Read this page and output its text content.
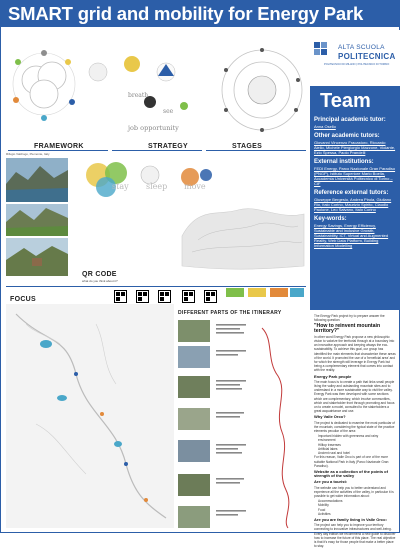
SMART grid and mobility for Energy Park
breath
see
job opportunity
FRAMEWORK	STRATEGY	STAGES
Rifugio Valdrogo, Piemonte, Italy
stay sleep move
QR CODE
what do you think about it?
FOCUS
DIFFERENT PARTS OF THE ITINERARY
ALTA SCUOLA
POLITECNICA
POLITECNICO DI MILANO | POLITECNICO DI TORINO
Team
Principal academic tutor:
Anna Osello
Other academic tutors:
Giovanni Vincenzo Fracastoro, Riccardo Aiello, Michele Piergiorgio Mazzone, Violante, Ezio Spessa, Paolo Prandelli
External institutions:
FEDI Energy, Parco Nazionale Gran Paradiso (PNGP), Istituto Superiore Mario Boella, Accademia Università Politecnico di Torino – CIF
Reference external tutors:
Giuseppe Bergesio, Andrea Pirola, Giuliano Rio, Italo Corino, Maurizio Spirito, Claudio Paolone, Leo Salvano, Italo Corino
Key-words:
Energy Savings, Energy Efficiency, Sustainable and Inclusive Growth, Sustainability, ICT, Virtual and Augmented Reality, Web Data Platform, Building Information Modelling
The Energy Park project try to prepare answer the following question:
"How to reinvent mountain territory?"
In other word Energy Park propose a new philosophic vision to valorize the territorial through at a boundary into an innovative approach and keeping always the eco-sustainability. To achieve this goal, our group has identified the main elements that characterize these areas of the world. It promoted the use of a 'beneficial area' and for which the strength will leverage in Energy Park but being a complementary element that comes into contact with the reality.
Energy Park people
The main focus is to create a path that links small people living the valley and outstanding mountain sites and to understand in a more sustainable way to visit the valley. Energy Park was then developed with some sections which are complementary, which involve communities, which and stakeholder front through promoting and focus on to create a model, consulted to the stakeholders a great acquaintance and use.
Why Valle Orco?
The project is dedicated to examine the most particular of the mountain, considering the typical state of the practice elements peculiar of the area:
Important hidden with greenness and rainy environment
Hilltop traverses
Artificial lakes
Ancient rural and hotel
For this reason, Valle Orco is part of one of the more suitable National Park in Italy (Parco Nazionale Gran Paradiso).
Website as a collection of the points of strength of the valley
Are you a tourist:
The website can help you to better understand and experience all the activities of the valley, in particular it is possible to get wider information about:
Accommodations
Mobility
Food
Activities
Are you are family living in Valle Orco:
The project can help you to improve your territory connecting to innovative infrastructures and well-being. Every day edition we recommend a new guide to discover how to increase the future of this place. The real objective is that it's easy for those people that make a better place to stay.
